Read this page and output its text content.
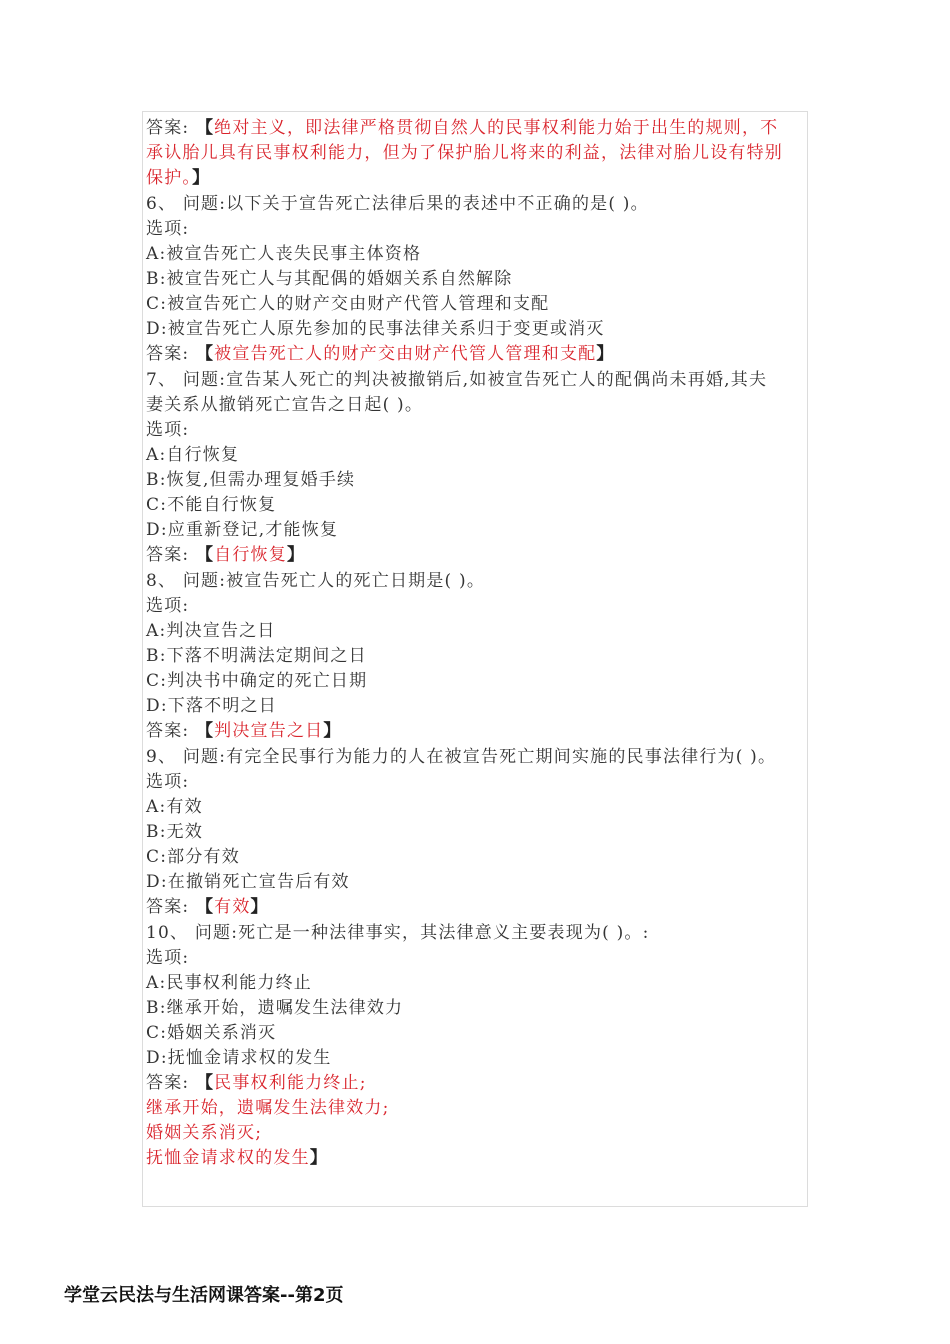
答案: 【绝对主义，即法律严格贯彻自然人的民事权利能力始于出生的规则，不
承认胎儿具有民事权利能力，但为了保护胎儿将来的利益，法律对胎儿设有特别
保护。】
6、 问题:以下关于宣告死亡法律后果的表述中不正确的是( )。
选项:
A:被宣告死亡人丧失民事主体资格
B:被宣告死亡人与其配偶的婚姻关系自然解除
C:被宣告死亡人的财产交由财产代管人管理和支配
D:被宣告死亡人原先参加的民事法律关系归于变更或消灭
答案: 【被宣告死亡人的财产交由财产代管人管理和支配】
7、 问题:宣告某人死亡的判决被撤销后,如被宣告死亡人的配偶尚未再婚,其夫
妻关系从撤销死亡宣告之日起( )。
选项:
A:自行恢复
B:恢复,但需办理复婚手续
C:不能自行恢复
D:应重新登记,才能恢复
答案: 【自行恢复】
8、 问题:被宣告死亡人的死亡日期是( )。
选项:
A:判决宣告之日
B:下落不明满法定期间之日
C:判决书中确定的死亡日期
D:下落不明之日
答案: 【判决宣告之日】
9、 问题:有完全民事行为能力的人在被宣告死亡期间实施的民事法律行为( )。
选项:
A:有效
B:无效
C:部分有效
D:在撤销死亡宣告后有效
答案: 【有效】
10、 问题:死亡是一种法律事实，其法律意义主要表现为( )。:
选项:
A:民事权利能力终止
B:继承开始，遗嘱发生法律效力
C:婚姻关系消灭
D:抚恤金请求权的发生
答案: 【民事权利能力终止;
继承开始，遗嘱发生法律效力;
婚姻关系消灭;
抚恤金请求权的发生】
学堂云民法与生活网课答案--第2页
